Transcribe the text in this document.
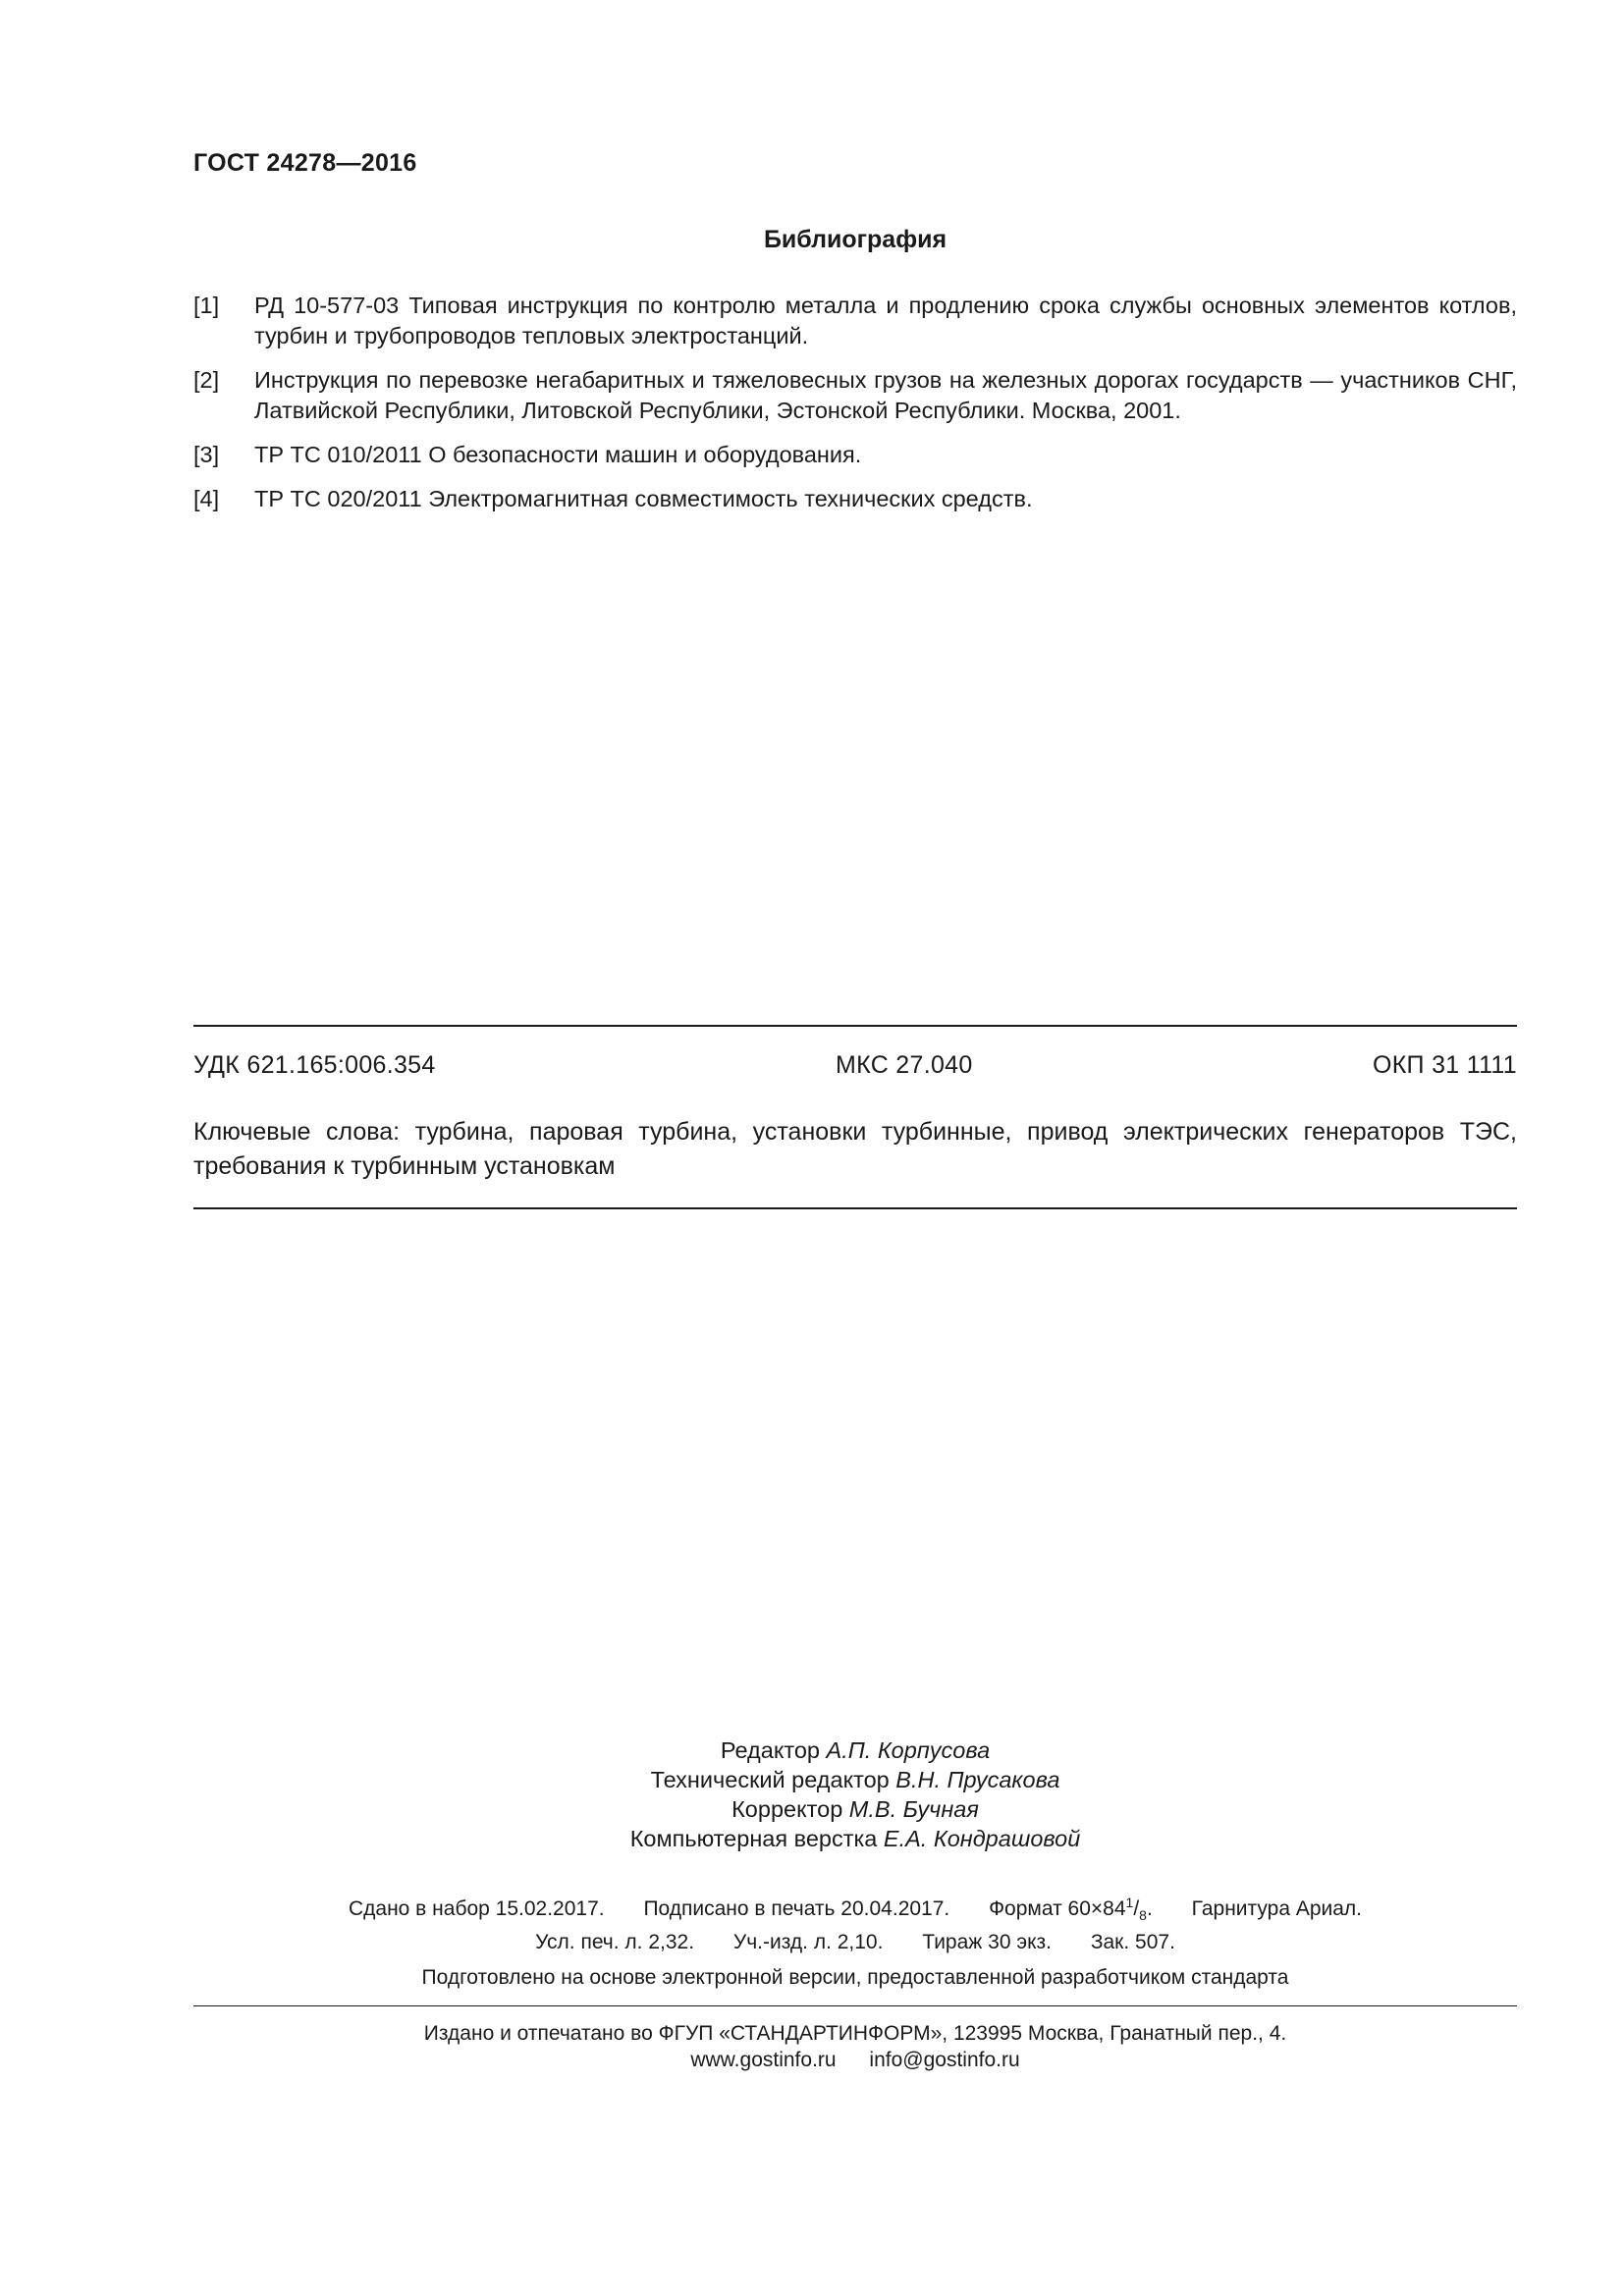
ГОСТ 24278—2016
Библиография
[1]	РД 10-577-03 Типовая инструкция по контролю металла и продлению срока службы основных элементов котлов, турбин и трубопроводов тепловых электростанций.
[2]	Инструкция по перевозке негабаритных и тяжеловесных грузов на железных дорогах государств — участников СНГ, Латвийской Республики, Литовской Республики, Эстонской Республики. Москва, 2001.
[3]	ТР ТС 010/2011 О безопасности машин и оборудования.
[4]	ТР ТС 020/2011 Электромагнитная совместимость технических средств.
УДК 621.165:006.354	МКС 27.040	ОКП 31 1111
Ключевые слова: турбина, паровая турбина, установки турбинные, привод электрических генераторов ТЭС, требования к турбинным установкам
Редактор А.П. Корпусова
Технический редактор В.Н. Прусакова
Корректор М.В. Бучная
Компьютерная верстка Е.А. Кондрашовой
Сдано в набор 15.02.2017. Подписано в печать 20.04.2017. Формат $60\times 84^1/_8$. Гарнитура Ариал.
Усл. печ. л. 2,32. Уч.-изд. л. 2,10. Тираж 30 экз. Зак. 507.
Подготовлено на основе электронной версии, предоставленной разработчиком стандарта
Издано и отпечатано во ФГУП «СТАНДАРТИНФОРМ», 123995 Москва, Гранатный пер., 4.
www.gostinfo.ru info@gostinfo.ru
